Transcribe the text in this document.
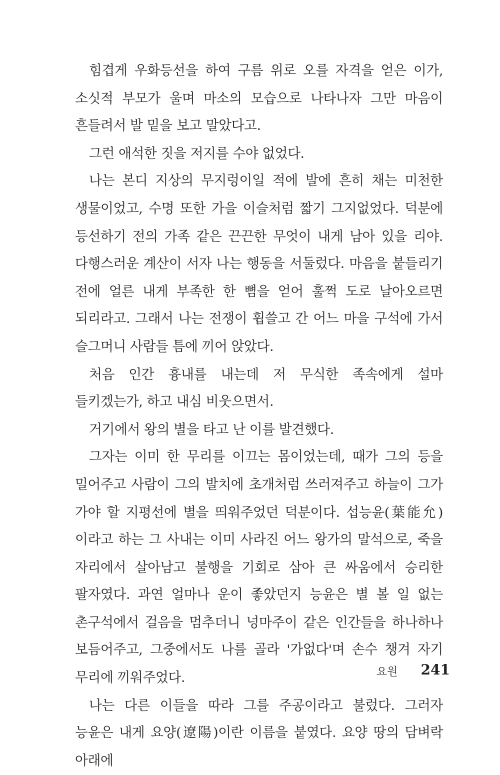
힘겹게 우화등선을 하여 구름 위로 오를 자격을 얻은 이가, 소싯적 부모가 울며 마소의 모습으로 나타나자 그만 마음이 흔들려서 발 밑을 보고 말았다고.

그런 애석한 짓을 저지를 수야 없었다.

나는 본디 지상의 무지렁이일 적에 발에 흔히 채는 미천한 생물이었고, 수명 또한 가을 이슬처럼 짧기 그지없었다. 덕분에 등선하기 전의 가족 같은 끈끈한 무엇이 내게 남아 있을 리야. 다행스러운 계산이 서자 나는 행동을 서둘렀다. 마음을 붙들리기 전에 얼른 내게 부족한 한 뼘을 얻어 훌쩍 도로 날아오르면 되리라고. 그래서 나는 전쟁이 휩쓸고 간 어느 마을 구석에 가서 슬그머니 사람들 틈에 끼어 앉았다.

처음 인간 흉내를 내는데 저 무식한 족속에게 설마 들키겠는가, 하고 내심 비웃으면서.

거기에서 왕의 별을 타고 난 이를 발견했다.

그자는 이미 한 무리를 이끄는 몸이었는데, 때가 그의 등을 밀어주고 사람이 그의 발치에 초개처럼 쓰러져주고 하늘이 그가 가야 할 지평선에 별을 띄워주었던 덕분이다. 섭능윤(葉能允)이라고 하는 그 사내는 이미 사라진 어느 왕가의 말석으로, 죽을 자리에서 살아남고 불행을 기회로 삼아 큰 싸움에서 승리한 팔자였다. 과연 얼마나 운이 좋았던지 능윤은 별 볼 일 없는 촌구석에서 걸음을 멈추더니 넝마주이 같은 인간들을 하나하나 보듬어주고, 그중에서도 나를 골라 '가없다'며 손수 챙겨 자기 무리에 끼워주었다.

나는 다른 이들을 따라 그를 주공이라고 불렀다. 그러자 능윤은 내게 요양(遼陽)이란 이름을 붙였다. 요양 땅의 담벼락 아래에

요원 241
